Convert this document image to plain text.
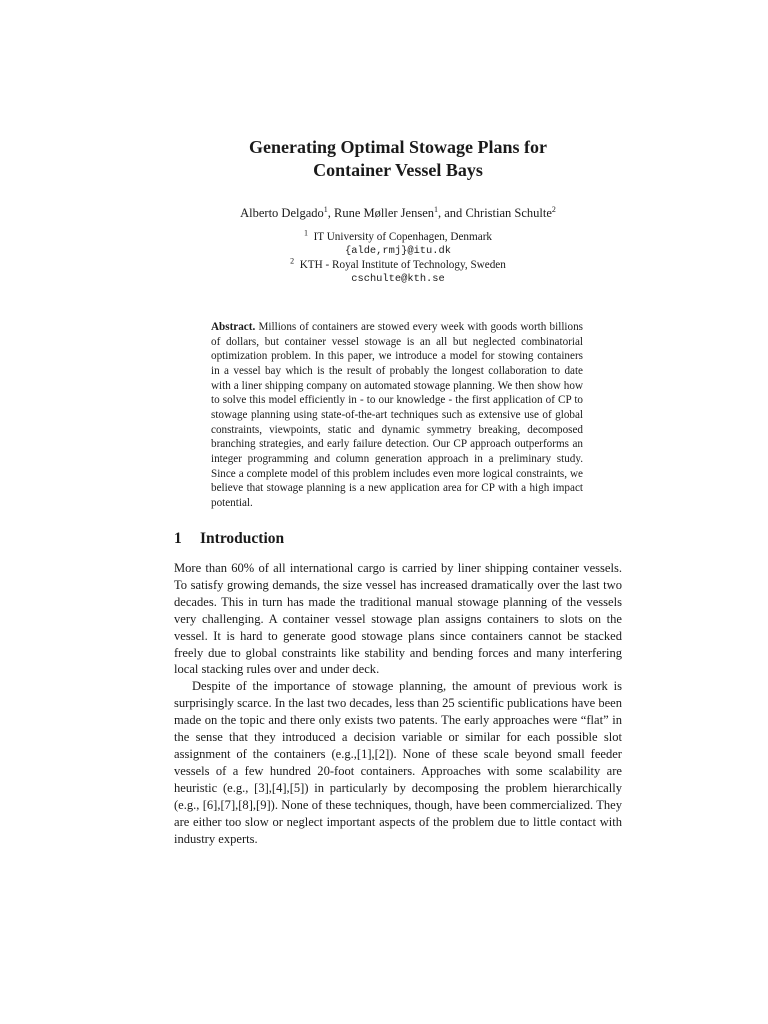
Generating Optimal Stowage Plans for
Container Vessel Bays
Alberto Delgado$^1$, Rune Møller Jensen$^1$, and Christian Schulte$^2$
$^1$ IT University of Copenhagen, Denmark
{alde,rmj}@itu.dk
$^2$ KTH - Royal Institute of Technology, Sweden
cschulte@kth.se
Abstract. Millions of containers are stowed every week with goods worth billions of dollars, but container vessel stowage is an all but neglected combinatorial optimization problem. In this paper, we introduce a model for stowing containers in a vessel bay which is the result of probably the longest collaboration to date with a liner shipping company on automated stowage planning. We then show how to solve this model efficiently in - to our knowledge - the first application of CP to stowage planning using state-of-the-art techniques such as extensive use of global constraints, viewpoints, static and dynamic symmetry breaking, decomposed branching strategies, and early failure detection. Our CP approach outperforms an integer programming and column generation approach in a preliminary study. Since a complete model of this problem includes even more logical constraints, we believe that stowage planning is a new application area for CP with a high impact potential.
1 Introduction

More than 60% of all international cargo is carried by liner shipping container vessels. To satisfy growing demands, the size vessel has increased dramatically over the last two decades. This in turn has made the traditional manual stowage planning of the vessels very challenging. A container vessel stowage plan assigns containers to slots on the vessel. It is hard to generate good stowage plans since containers cannot be stacked freely due to global constraints like stability and bending forces and many interfering local stacking rules over and under deck.

Despite of the importance of stowage planning, the amount of previous work is surprisingly scarce. In the last two decades, less than 25 scientific publications have been made on the topic and there only exists two patents. The early approaches were “flat” in the sense that they introduced a decision variable or similar for each possible slot assignment of the containers (e.g.,[1],[2]). None of these scale beyond small feeder vessels of a few hundred 20-foot containers. Approaches with some scalability are heuristic (e.g., [3],[4],[5]) in particularly by decomposing the problem hierarchically (e.g., [6],[7],[8],[9]). None of these techniques, though, have been commercialized. They are either too slow or neglect important aspects of the problem due to little contact with industry experts.
